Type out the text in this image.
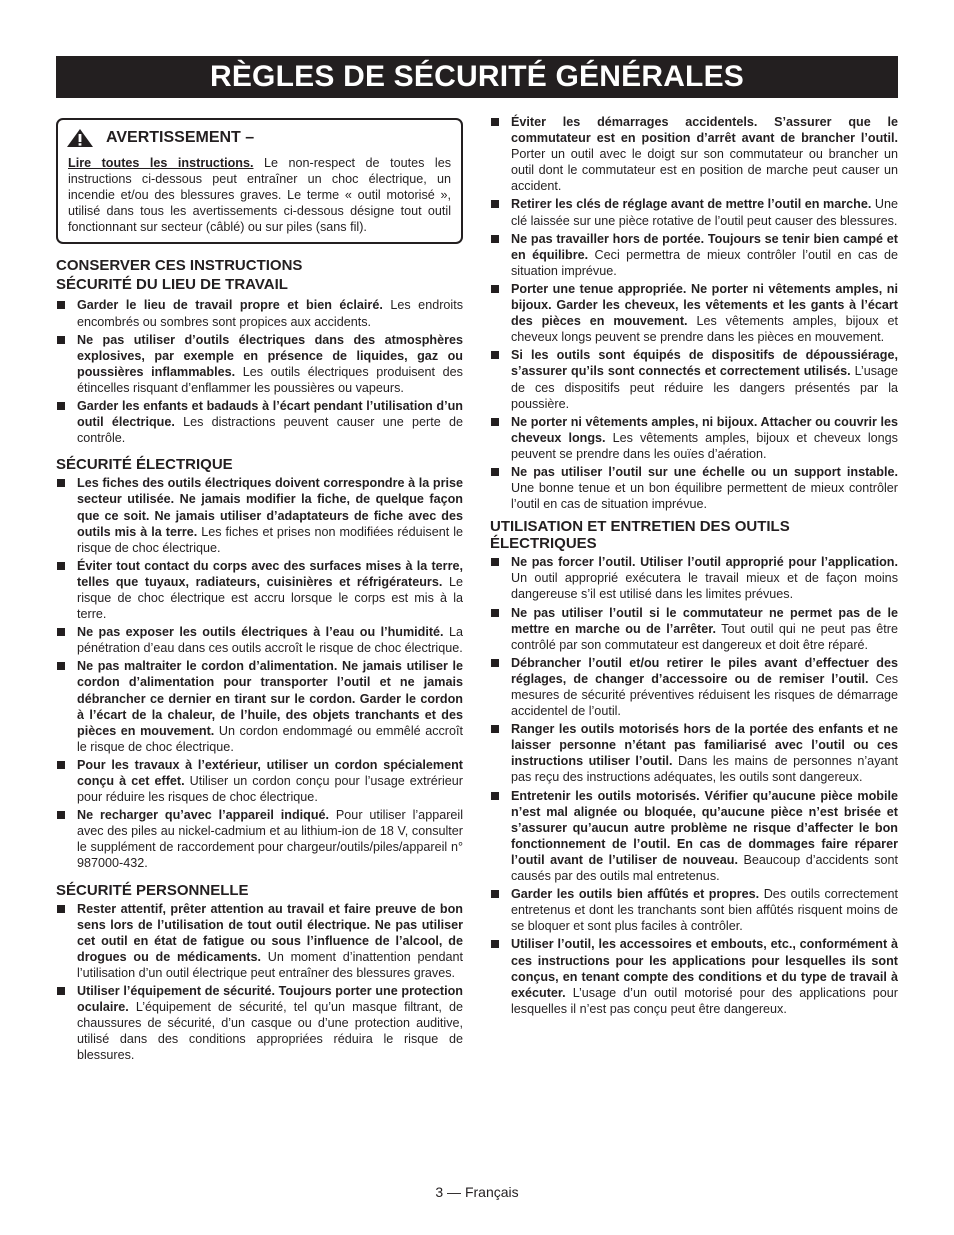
RÈGLES DE SÉCURITÉ GÉNÉRALES
AVERTISSEMENT –
Lire toutes les instructions. Le non-respect de toutes les instructions ci-dessous peut entraîner un choc électrique, un incendie et/ou des blessures graves. Le terme « outil motorisé », utilisé dans tous les avertissements ci-dessous désigne tout outil fonctionnant sur secteur (câblé) ou sur piles (sans fil).
CONSERVER CES INSTRUCTIONS
SÉCURITÉ DU LIEU DE TRAVAIL
Garder le lieu de travail propre et bien éclairé. Les endroits encombrés ou sombres sont propices aux accidents.
Ne pas utiliser d’outils électriques dans des atmosphères explosives, par exemple en présence de liquides, gaz ou poussières inflammables. Les outils électriques produisent des étincelles risquant d’enflammer les poussières ou vapeurs.
Garder les enfants et badauds à l’écart pendant l’utilisation d’un outil électrique. Les distractions peuvent causer une perte de contrôle.
SÉCURITÉ ÉLECTRIQUE
Les fiches des outils électriques doivent correspondre à la prise secteur utilisée. Ne jamais modifier la fiche, de quelque façon que ce soit. Ne jamais utiliser d’adaptateurs de fiche avec des outils mis à la terre. Les fiches et prises non modifiées réduisent le risque de choc électrique.
Éviter tout contact du corps avec des surfaces mises à la terre, telles que tuyaux, radiateurs, cuisinières et réfrigérateurs. Le risque de choc électrique est accru lorsque le corps est mis à la terre.
Ne pas exposer les outils électriques à l’eau ou l’humidité. La pénétration d’eau dans ces outils accroît le risque de choc électrique.
Ne pas maltraiter le cordon d’alimentation. Ne jamais utiliser le cordon d’alimentation pour transporter l’outil et ne jamais débrancher ce dernier en tirant sur le cordon. Garder le cordon à l’écart de la chaleur, de l’huile, des objets tranchants et des pièces en mouvement. Un cordon endommagé ou emmêlé accroît le risque de choc électrique.
Pour les travaux à l’extérieur, utiliser un cordon spécialement conçu à cet effet. Utiliser un cordon conçu pour l’usage extrérieur pour réduire les risques de choc électrique.
Ne recharger qu’avec l’appareil indiqué. Pour utiliser l’appareil avec des piles au nickel-cadmium et au lithium-ion de 18 V, consulter le supplément de raccordement pour chargeur/outils/piles/appareil n° 987000-432.
SÉCURITÉ PERSONNELLE
Rester attentif, prêter attention au travail et faire preuve de bon sens lors de l’utilisation de tout outil électrique. Ne pas utiliser cet outil en état de fatigue ou sous l’influence de l’alcool, de drogues ou de médicaments. Un moment d’inattention pendant l’utilisation d’un outil électrique peut entraîner des blessures graves.
Utiliser l’équipement de sécurité. Toujours porter une protection oculaire. L’équipement de sécurité, tel qu’un masque filtrant, de chaussures de sécurité, d’un casque ou d’une protection auditive, utilisé dans des conditions appropriées réduira le risque de blessures.
Éviter les démarrages accidentels. S’assurer que le commutateur est en position d’arrêt avant de brancher l’outil. Porter un outil avec le doigt sur son commutateur ou brancher un outil dont le commutateur est en position de marche peut causer un accident.
Retirer les clés de réglage avant de mettre l’outil en marche. Une clé laissée sur une pièce rotative de l’outil peut causer des blessures.
Ne pas travailler hors de portée. Toujours se tenir bien campé et en équilibre. Ceci permettra de mieux contrôler l’outil en cas de situation imprévue.
Porter une tenue appropriée. Ne porter ni vêtements amples, ni bijoux. Garder les cheveux, les vêtements et les gants à l’écart des pièces en mouvement. Les vêtements amples, bijoux et cheveux longs peuvent se prendre dans les pièces en mouvement.
Si les outils sont équipés de dispositifs de dépoussiérage, s’assurer qu’ils sont connectés et correctement utilisés. L’usage de ces dispositifs peut réduire les dangers présentés par la poussière.
Ne porter ni vêtements amples, ni bijoux. Attacher ou couvrir les cheveux longs. Les vêtements amples, bijoux et cheveux longs peuvent se prendre dans les ouïes d’aération.
Ne pas utiliser l’outil sur une échelle ou un support instable. Une bonne tenue et un bon équilibre permettent de mieux contrôler l’outil en cas de situation imprévue.
UTILISATION ET ENTRETIEN DES OUTILS ÉLECTRIQUES
Ne pas forcer l’outil. Utiliser l’outil approprié pour l’application. Un outil approprié exécutera le travail mieux et de façon moins dangereuse s’il est utilisé dans les limites prévues.
Ne pas utiliser l’outil si le commutateur ne permet pas de le mettre en marche ou de l’arrêter. Tout outil qui ne peut pas être contrôlé par son commutateur est dangereux et doit être réparé.
Débrancher l’outil et/ou retirer le piles avant d’effectuer des réglages, de changer d’accessoire ou de remiser l’outil. Ces mesures de sécurité préventives réduisent les risques de démarrage accidentel de l’outil.
Ranger les outils motorisés hors de la portée des enfants et ne laisser personne n’étant pas familiarisé avec l’outil ou ces instructions utiliser l’outil. Dans les mains de personnes n’ayant pas reçu des instructions adéquates, les outils sont dangereux.
Entretenir les outils motorisés. Vérifier qu’aucune pièce mobile n’est mal alignée ou bloquée, qu’aucune pièce n’est brisée et s’assurer qu’aucun autre problème ne risque d’affecter le bon fonctionnement de l’outil. En cas de dommages faire réparer l’outil avant de l’utiliser de nouveau. Beaucoup d’accidents sont causés par des outils mal entretenus.
Garder les outils bien affûtés et propres. Des outils correctement entretenus et dont les tranchants sont bien affûtés risquent moins de se bloquer et sont plus faciles à contrôler.
Utiliser l’outil, les accessoires et embouts, etc., conformément à ces instructions pour les applications pour lesquelles ils sont conçus, en tenant compte des conditions et du type de travail à exécuter. L’usage d’un outil motorisé pour des applications pour lesquelles il n’est pas conçu peut être dangereux.
3 — Français
